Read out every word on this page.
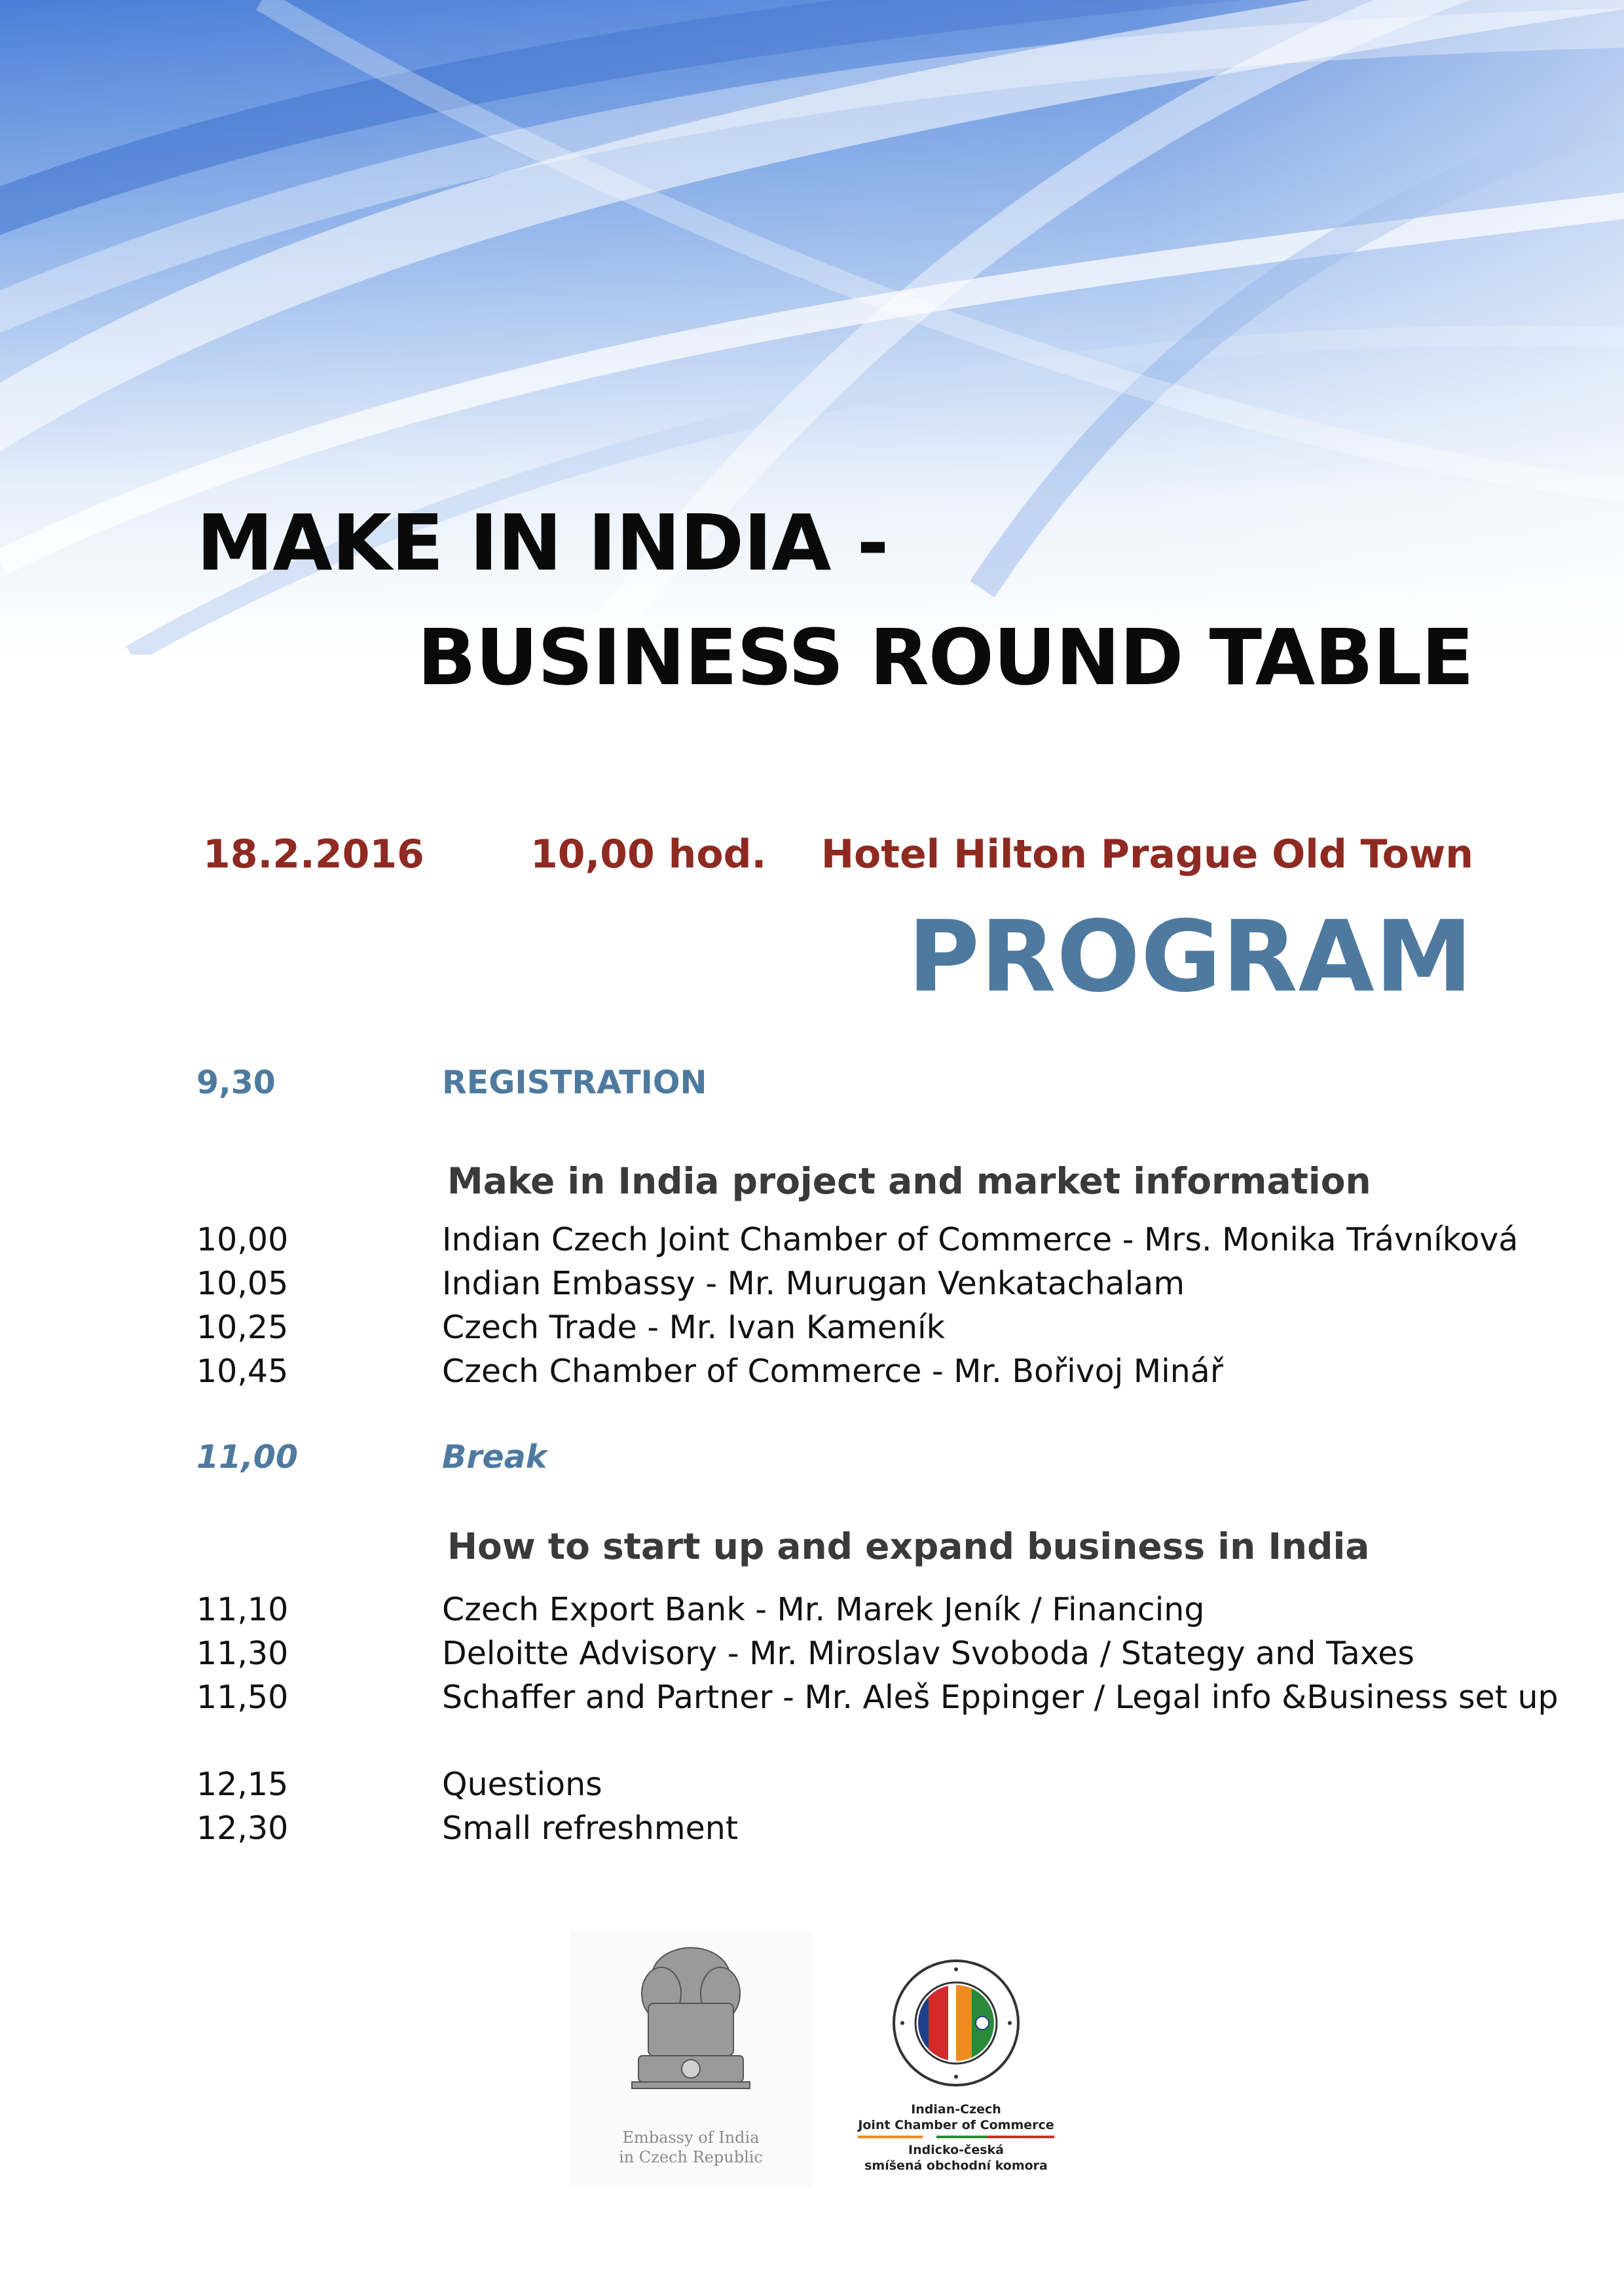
MAKE IN INDIA -
BUSINESS ROUND TABLE
18.2.2016	10,00 hod. Hotel Hilton Prague Old Town
PROGRAM
9,30	REGISTRATION
Make in India project and market information
10,00	Indian Czech Joint Chamber of Commerce - Mrs. Monika Trávníková
10,05	Indian Embassy - Mr. Murugan Venkatachalam
10,25	Czech Trade - Mr. Ivan Kameník
10,45	Czech Chamber of Commerce - Mr. Bořivoj Minář
11,00	Break
How to start up and expand business in India
11,10	Czech Export Bank - Mr. Marek Jeník / Financing
11,30	Deloitte Advisory - Mr. Miroslav Svoboda / Stategy and Taxes
11,50	Schaffer and Partner - Mr. Aleš Eppinger / Legal info &Business set up
12,15	Questions
12,30	Small refreshment
Embassy of India
in Czech Republic
Indian-Czech
Joint Chamber of Commerce
Indicko-česká
smíšená obchodní komora
